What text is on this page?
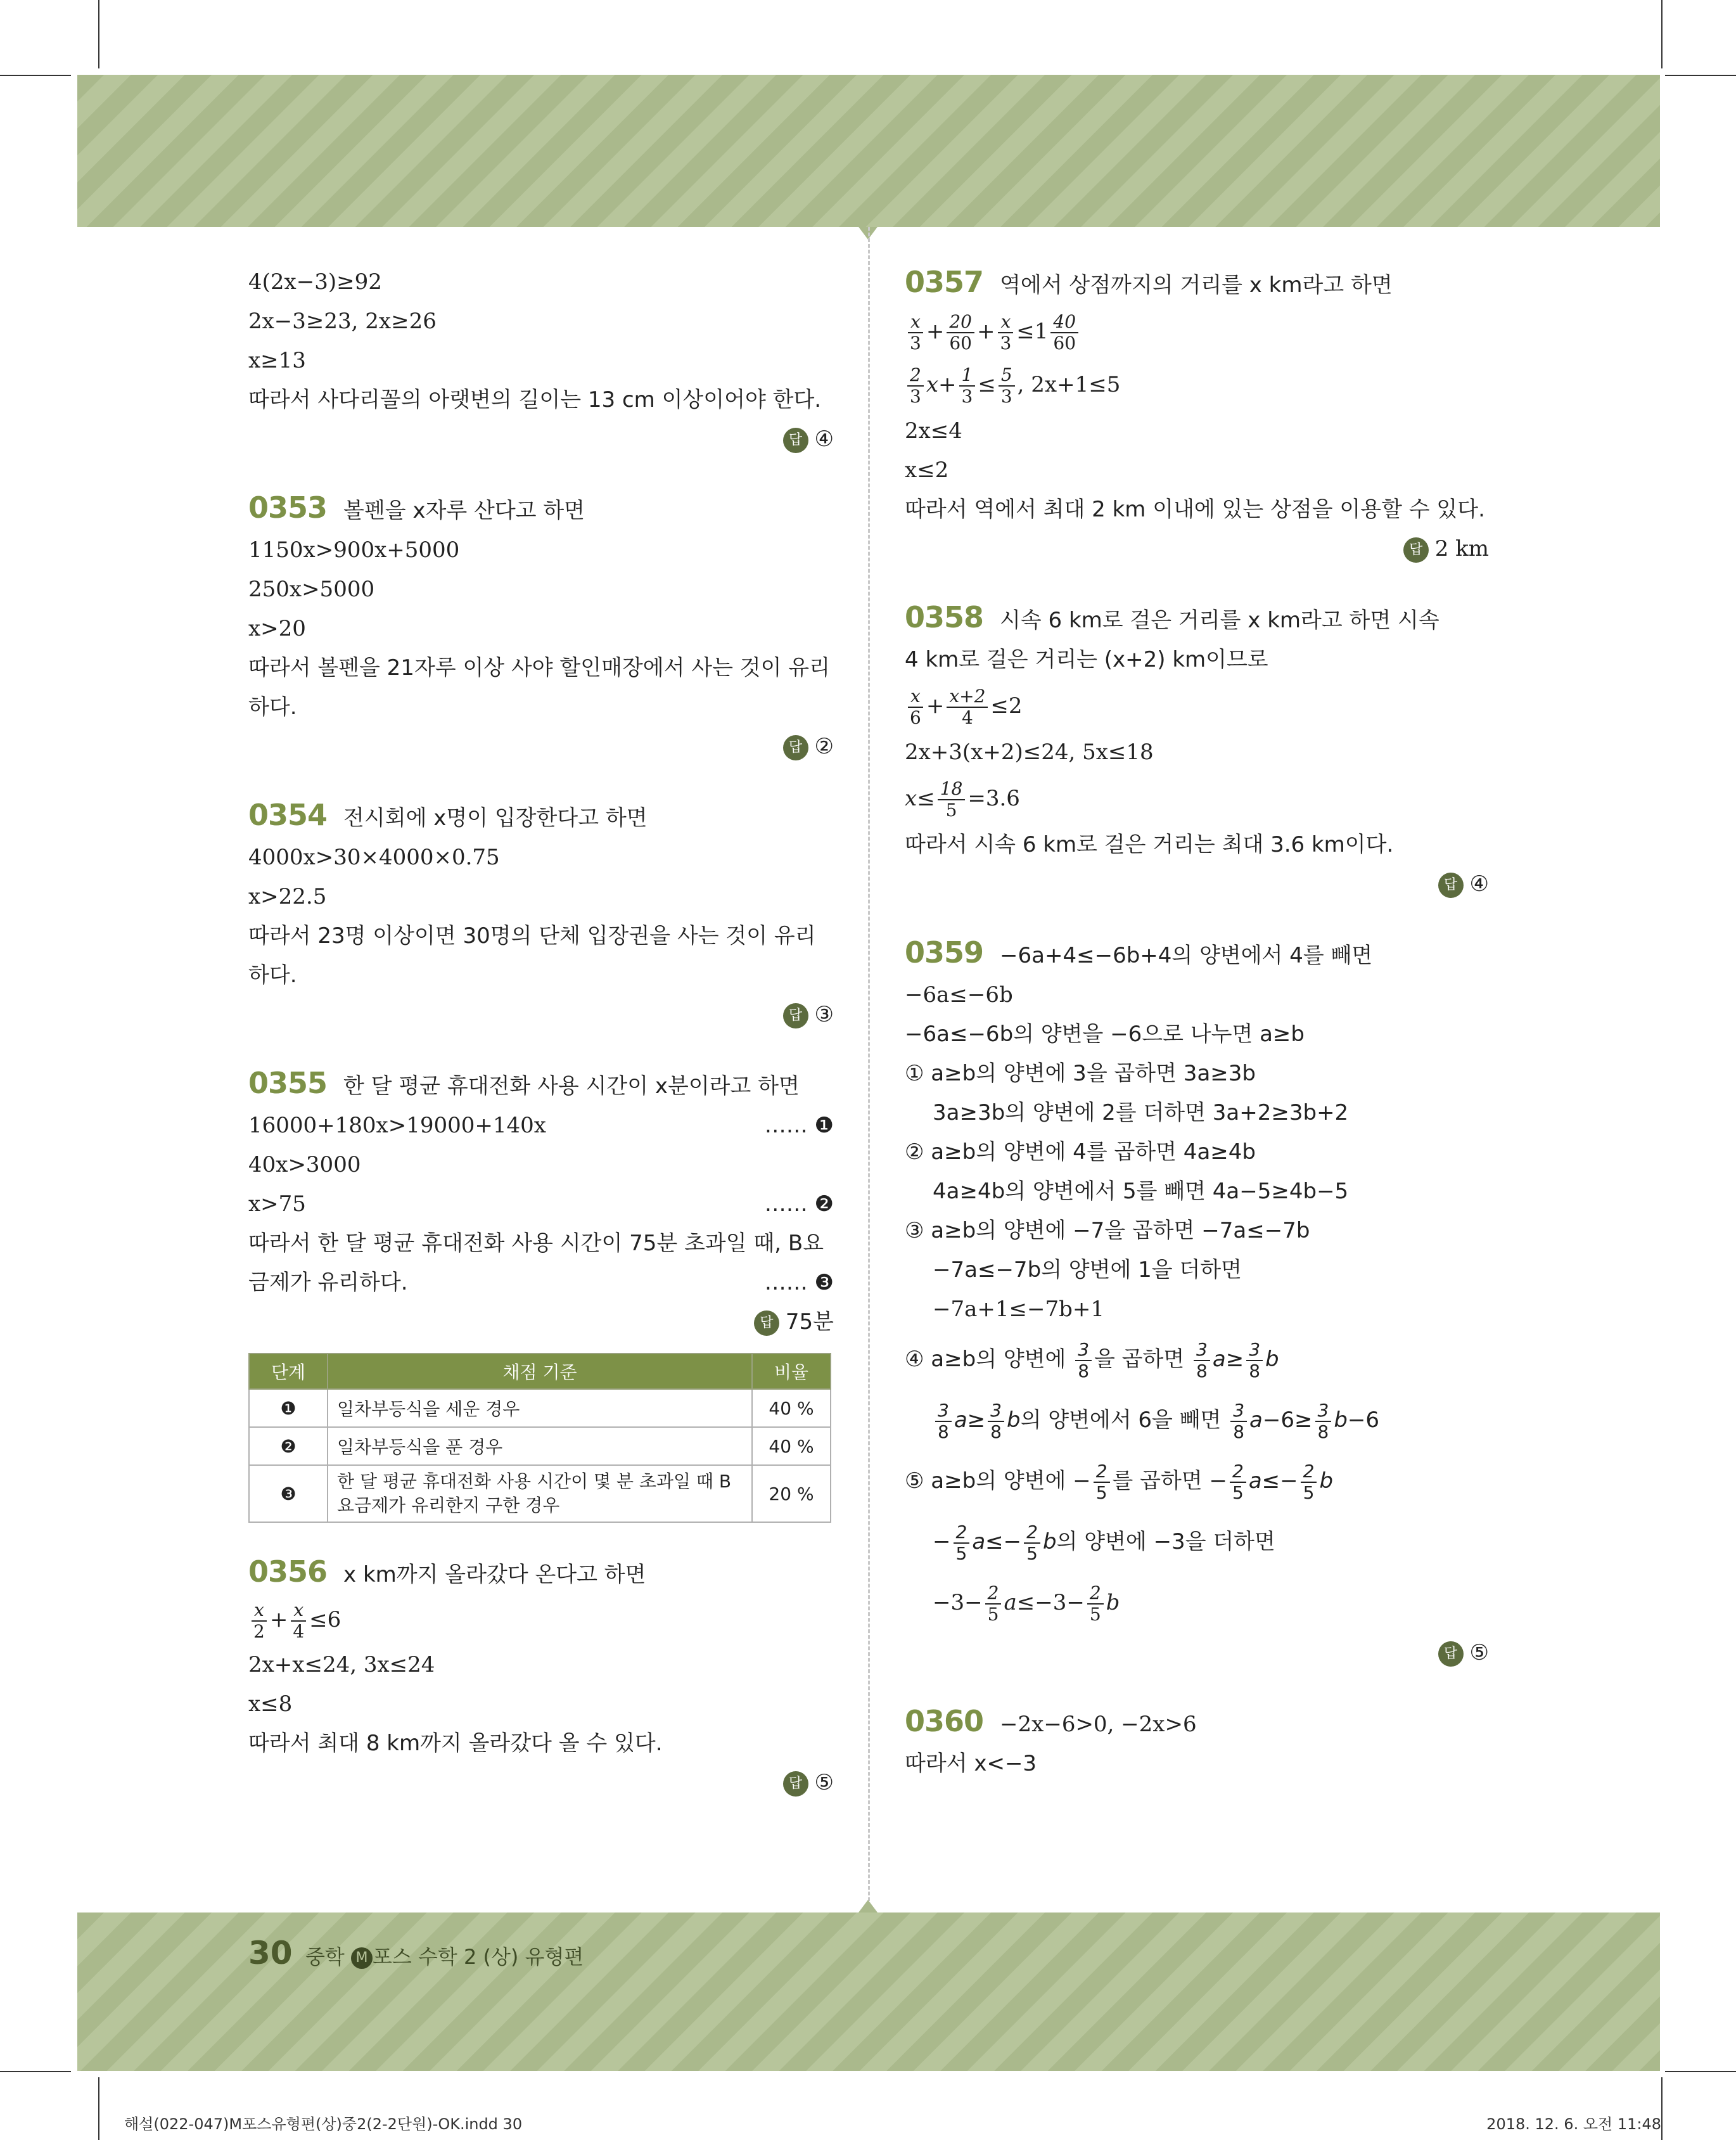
4(2x−3)≥92
2x−3≥23, 2x≥26
x≥13
따라서 사다리꼴의 아랫변의 길이는 13 cm 이상이어야 한다.
답 ④
0353 볼펜을 x자루 산다고 하면
1150x>900x+5000
250x>5000
x>20
따라서 볼펜을 21자루 이상 사야 할인매장에서 사는 것이 유리
하다.
답 ②
0354 전시회에 x명이 입장한다고 하면
4000x>30×4000×0.75
x>22.5
따라서 23명 이상이면 30명의 단체 입장권을 사는 것이 유리
하다.
답 ③
0355 한 달 평균 휴대전화 사용 시간이 x분이라고 하면
16000+180x>19000+140x	…… ❶
40x>3000
x>75	…… ❷
따라서 한 달 평균 휴대전화 사용 시간이 75분 초과일 때, B요
금제가 유리하다.	…… ❸
답 75분
단계	채점 기준	비율
❶	일차부등식을 세운 경우	40 %
❷	일차부등식을 푼 경우	40 %
❸	한 달 평균 휴대전화 사용 시간이 몇 분 초과일 때 B요금제가 유리한지 구한 경우	20 %
0356 x km까지 올라갔다 온다고 하면
$\frac{x}{2} + \frac{x}{4} \le 6$
2x+x≤24, 3x≤24
x≤8
따라서 최대 8 km까지 올라갔다 올 수 있다.
답 ⑤
0357 역에서 상점까지의 거리를 x km라고 하면
$\frac{x}{3} + \frac{20}{60} + \frac{x}{3} \le 1 \frac{40}{60}$
$\frac{2}{3} x+ \frac{1}{3} \le \frac{5}{3}$ , 2x+1≤5
2x≤4
x≤2
따라서 역에서 최대 2 km 이내에 있는 상점을 이용할 수 있다.
답 2 km
0358 시속 6 km로 걸은 거리를 x km라고 하면 시속
4 km로 걸은 거리는 (x+2) km이므로
$\frac{x}{6} + \frac{x+2}{4} \le 2$
2x+3(x+2)≤24, 5x≤18
$x\le \frac{18}{5} =3.6$
따라서 시속 6 km로 걸은 거리는 최대 3.6 km이다.
답 ④
0359 −6a+4≤−6b+4의 양변에서 4를 빼면
−6a≤−6b
−6a≤−6b의 양변을 −6으로 나누면 a≥b
① a≥b의 양변에 3을 곱하면 3a≥3b
3a≥3b의 양변에 2를 더하면 3a+2≥3b+2
② a≥b의 양변에 4를 곱하면 4a≥4b
4a≥4b의 양변에서 5를 빼면 4a−5≥4b−5
③ a≥b의 양변에 −7을 곱하면 −7a≤−7b
−7a≤−7b의 양변에 1을 더하면
−7a+1≤−7b+1
④ a≥b의 양변에 $\frac{3}{8}$ 을 곱하면 $\frac{3}{8} a\ge \frac{3}{8}$ b
$\frac{3}{8} a\ge \frac{3}{8}$ b의 양변에서 6을 빼면 $\frac{3}{8} a-6\ge \frac{3}{8} b-6$
⑤ a≥b의 양변에 − $\frac{2}{5}$ 를 곱하면 − $\frac{2}{5} a\le- \frac{2}{5}$ b
− $\frac{2}{5} a\le- \frac{2}{5}$ b의 양변에 −3을 더하면
$-3- \frac{2}{5} a\le-3- \frac{2}{5}$ b
답 ⑤
0360 −2x−6>0, −2x>6
따라서 x<−3
30 중학 M 포스 수학 2 (상) 유형편
해설(022-047)M포스유형편(상)중2(2-2단원)-OK.indd 30	2018. 12. 6. 오전 11:48
